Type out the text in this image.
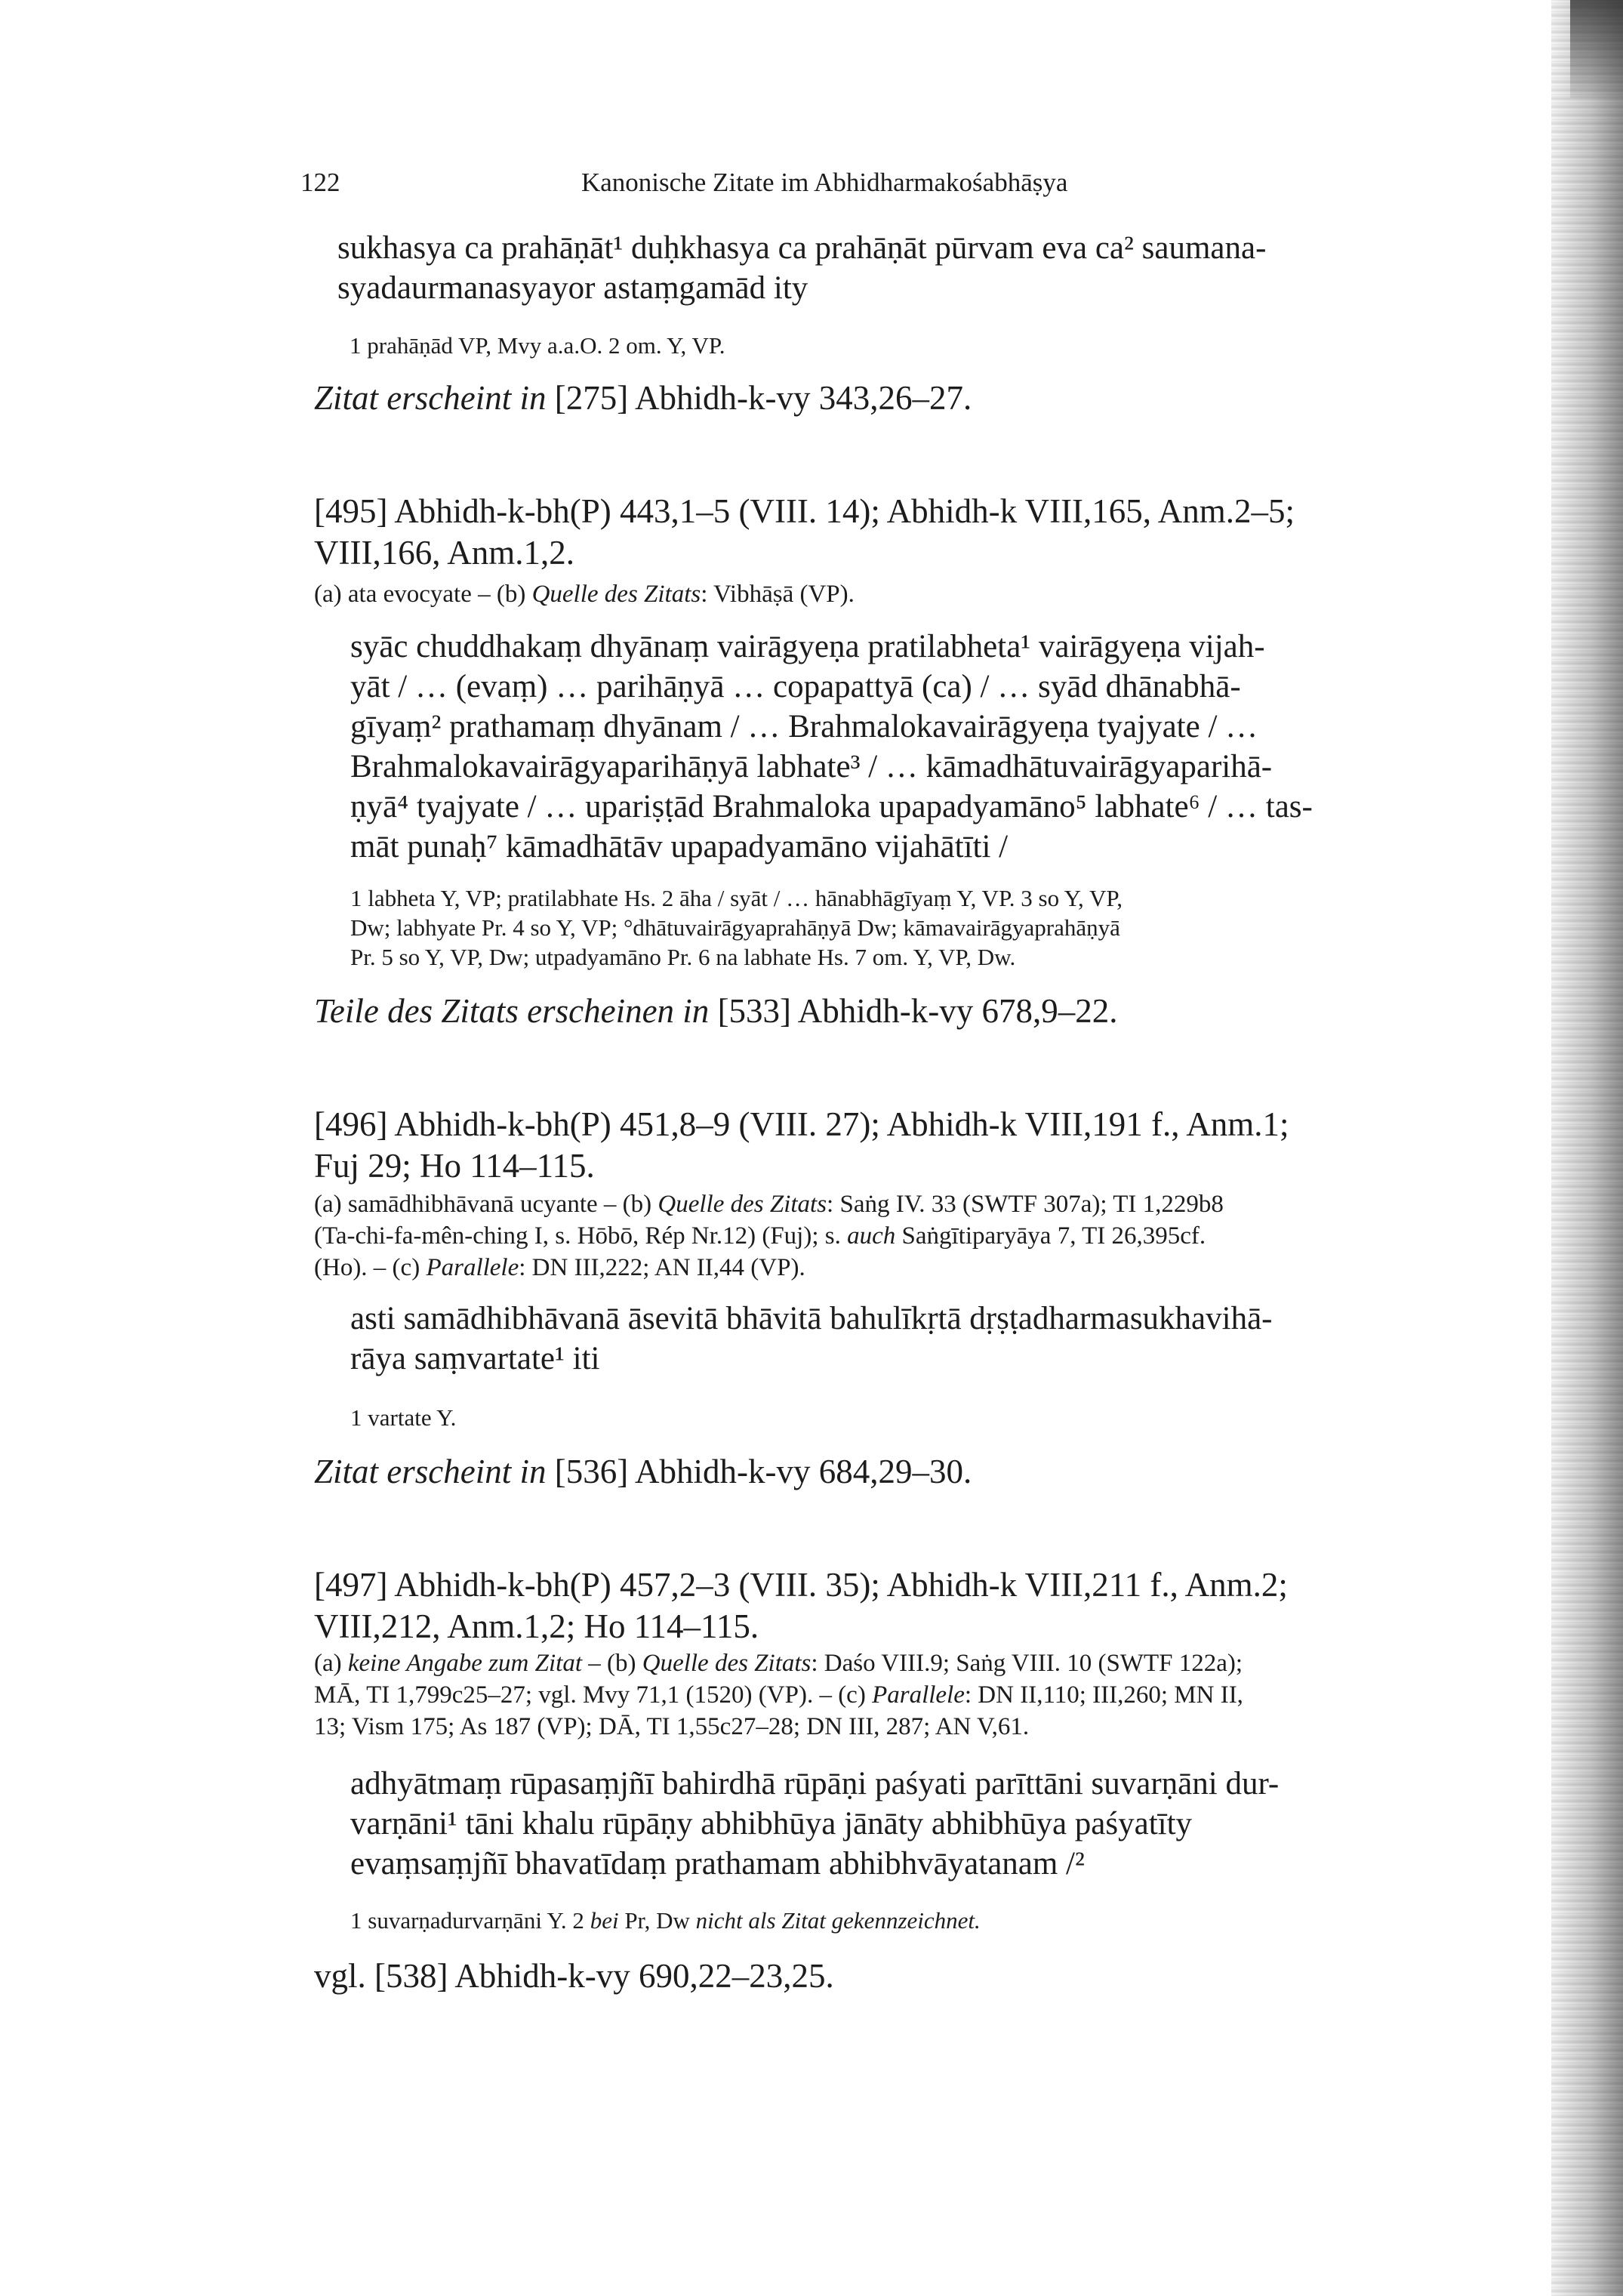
122	Kanonische Zitate im Abhidharmakośabhāṣya
sukhasya ca prahāṇāt¹ duḥkhasya ca prahāṇāt pūrvam eva ca² saumana-
syadaurmanasyayor astaṃgamād ity
1 prahāṇād VP, Mvy a.a.O. 2 om. Y, VP.
Zitat erscheint in [275] Abhidh-k-vy 343,26–27.
[495] Abhidh-k-bh(P) 443,1–5 (VIII. 14); Abhidh-k VIII,165, Anm.2–5;
VIII,166, Anm.1,2.
(a) ata evocyate – (b) Quelle des Zitats: Vibhāṣā (VP).
syāc chuddhakaṃ dhyānaṃ vairāgyeṇa pratilabheta¹ vairāgyeṇa vijah-
yāt / … (evaṃ) … parihāṇyā … copapattyā (ca) / … syād dhānabhā-
gīyaṃ² prathamaṃ dhyānam / … Brahmalokavairāgyeṇa tyajyate / …
Brahmalokavairāgyaparihāṇyā labhate³ / … kāmadhātuvairāgyaparihā-
ṇyā⁴ tyajyate / … upariṣṭād Brahmaloka upapadyamāno⁵ labhate⁶ / … tas-
māt punaḥ⁷ kāmadhātāv upapadyamāno vijahātīti /
1 labheta Y, VP; pratilabhate Hs. 2 āha / syāt / … hānabhāgīyaṃ Y, VP. 3 so Y, VP,
Dw; labhyate Pr. 4 so Y, VP; °dhātuvairāgyaprahāṇyā Dw; kāmavairāgyaprahāṇyā
Pr. 5 so Y, VP, Dw; utpadyamāno Pr. 6 na labhate Hs. 7 om. Y, VP, Dw.
Teile des Zitats erscheinen in [533] Abhidh-k-vy 678,9–22.
[496] Abhidh-k-bh(P) 451,8–9 (VIII. 27); Abhidh-k VIII,191 f., Anm.1;
Fuj 29; Ho 114–115.
(a) samādhibhāvanā ucyante – (b) Quelle des Zitats: Saṅg IV. 33 (SWTF 307a); TI 1,229b8
(Ta-chi-fa-mên-ching I, s. Hōbō, Rép Nr.12) (Fuj); s. auch Saṅgītiparyāya 7, TI 26,395cf.
(Ho). – (c) Parallele: DN III,222; AN II,44 (VP).
asti samādhibhāvanā āsevitā bhāvitā bahulīkṛtā dṛṣṭadharmasukhavihā-
rāya saṃvartate¹ iti
1 vartate Y.
Zitat erscheint in [536] Abhidh-k-vy 684,29–30.
[497] Abhidh-k-bh(P) 457,2–3 (VIII. 35); Abhidh-k VIII,211 f., Anm.2;
VIII,212, Anm.1,2; Ho 114–115.
(a) keine Angabe zum Zitat – (b) Quelle des Zitats: Daśo VIII.9; Saṅg VIII. 10 (SWTF 122a);
MĀ, TI 1,799c25–27; vgl. Mvy 71,1 (1520) (VP). – (c) Parallele: DN II,110; III,260; MN II,
13; Vism 175; As 187 (VP); DĀ, TI 1,55c27–28; DN III, 287; AN V,61.
adhyātmaṃ rūpasaṃjñī bahirdhā rūpāṇi paśyati parīttāni suvarṇāni dur-
varṇāni¹ tāni khalu rūpāṇy abhibhūya jānāty abhibhūya paśyatīty
evaṃsaṃjñī bhavatīdaṃ prathamam abhibhvāyatanam /²
1 suvarṇadurvarṇāni Y. 2 bei Pr, Dw nicht als Zitat gekennzeichnet.
vgl. [538] Abhidh-k-vy 690,22–23,25.
